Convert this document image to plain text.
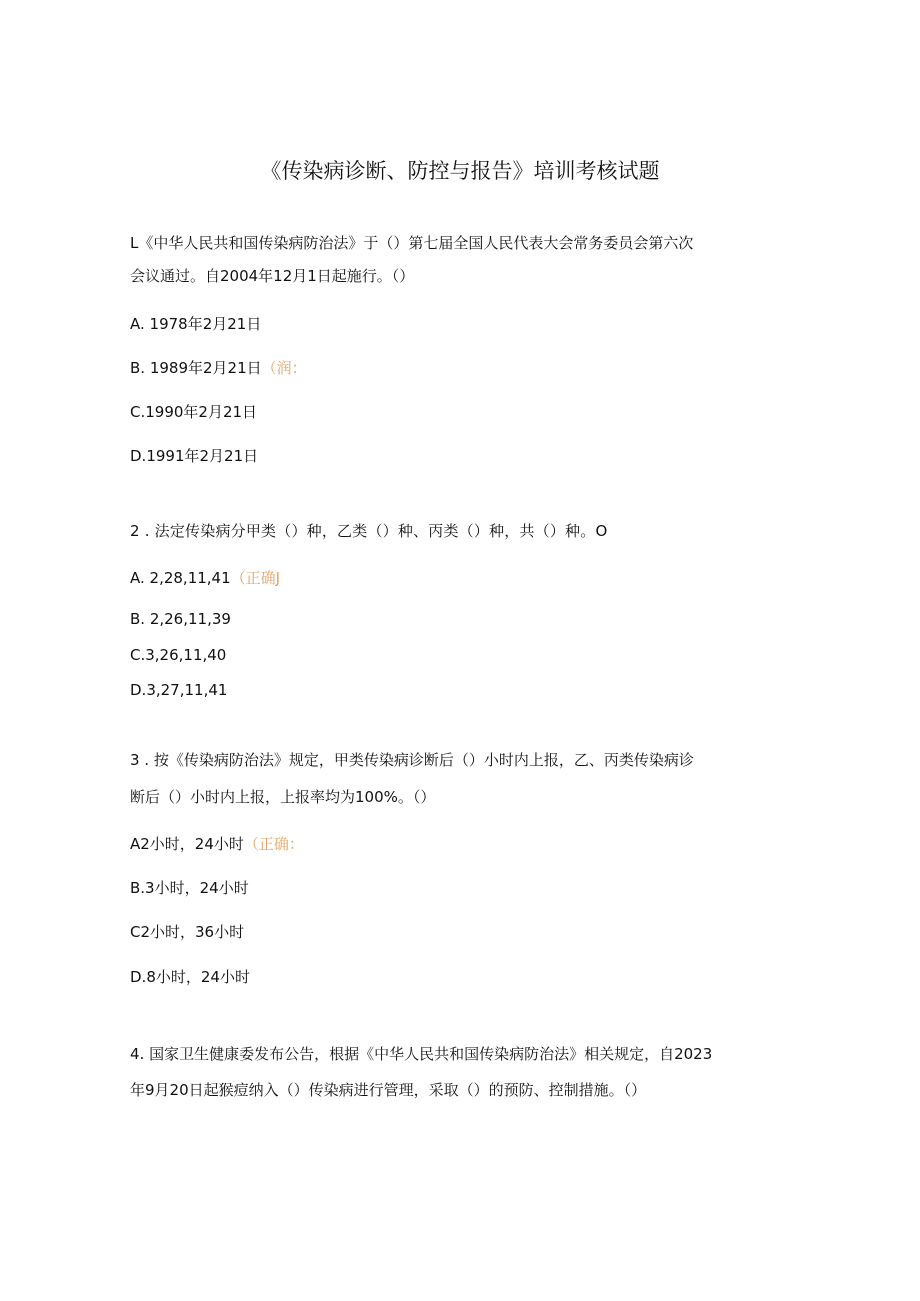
《传染病诊断、防控与报告》培训考核试题
L《中华人民共和国传染病防治法》于（）第七届全国人民代表大会常务委员会第六次
会议通过。自2004年12月1日起施行。（）
A. 1978年2月21日
B. 1989年2月21日（润：
C.1990年2月21日
D.1991年2月21日
2 . 法定传染病分甲类（）种，乙类（）种、丙类（）种，共（）种。O
A. 2,28,11,41（正确J
B. 2,26,11,39
C.3,26,11,40
D.3,27,11,41
3 . 按《传染病防治法》规定，甲类传染病诊断后（）小时内上报，乙、丙类传染病诊
断后（）小时内上报，上报率均为100%。（）
A2小时，24小时（正确：
B.3小时，24小时
C2小时，36小时
D.8小时，24小时
4. 国家卫生健康委发布公告，根据《中华人民共和国传染病防治法》相关规定，自2023
年9月20日起猴痘纳入（）传染病进行管理，采取（）的预防、控制措施。（）
